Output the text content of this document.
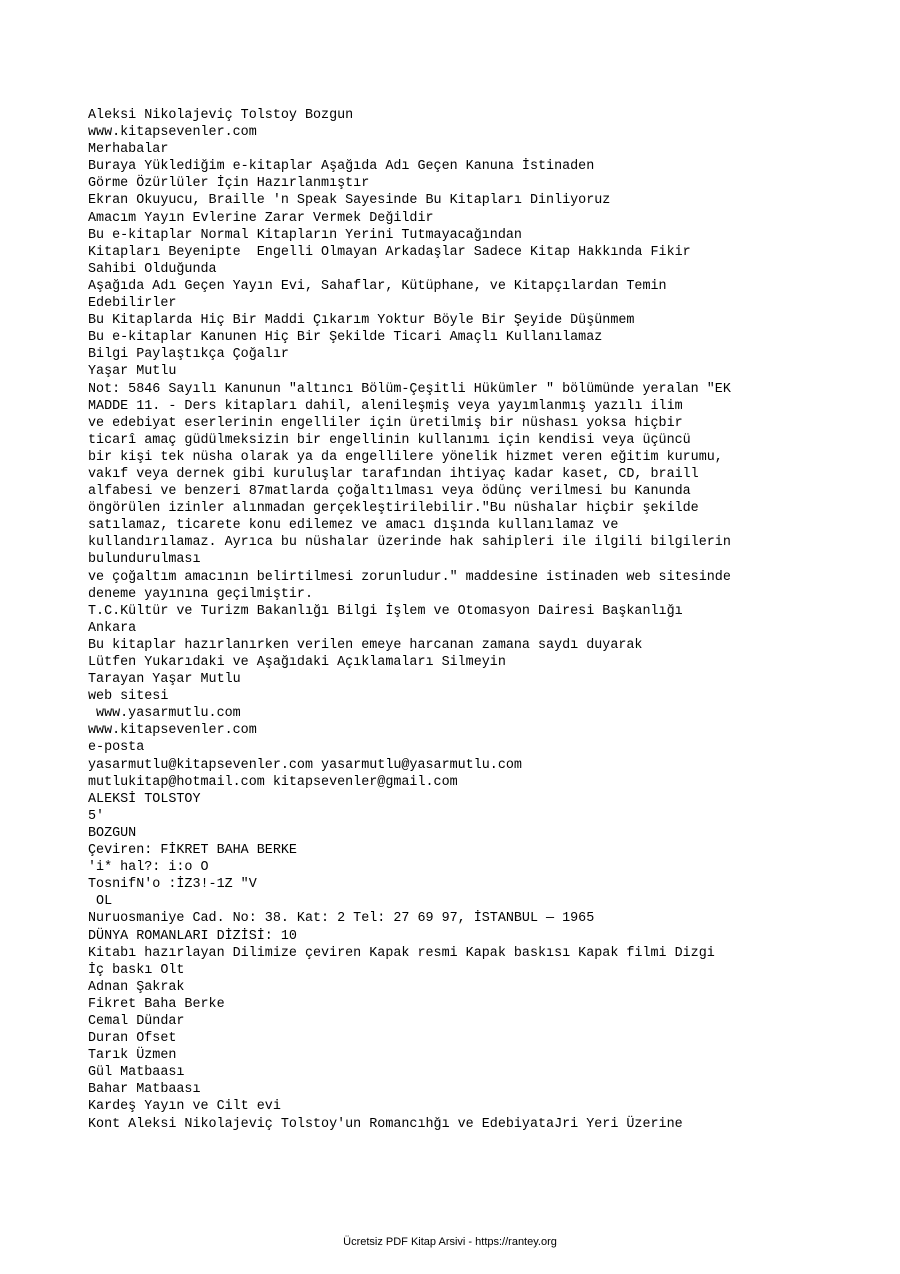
Aleksi Nikolajeviç Tolstoy Bozgun
www.kitapsevenler.com
Merhabalar
Buraya Yüklediğim e-kitaplar Aşağıda Adı Geçen Kanuna İstinaden
Görme Özürlüler İçin Hazırlanmıştır
Ekran Okuyucu, Braille 'n Speak Sayesinde Bu Kitapları Dinliyoruz
Amacım Yayın Evlerine Zarar Vermek Değildir
Bu e-kitaplar Normal Kitapların Yerini Tutmayacağından
Kitapları Beyenipte  Engelli Olmayan Arkadaşlar Sadece Kitap Hakkında Fikir
Sahibi Olduğunda
Aşağıda Adı Geçen Yayın Evi, Sahaflar, Kütüphane, ve Kitapçılardan Temin
Edebilirler
Bu Kitaplarda Hiç Bir Maddi Çıkarım Yoktur Böyle Bir Şeyide Düşünmem
Bu e-kitaplar Kanunen Hiç Bir Şekilde Ticari Amaçlı Kullanılamaz
Bilgi Paylaştıkça Çoğalır
Yaşar Mutlu
Not: 5846 Sayılı Kanunun "altıncı Bölüm-Çeşitli Hükümler " bölümünde yeralan "EK
MADDE 11. - Ders kitapları dahil, alenileşmiş veya yayımlanmış yazılı ilim
ve edebiyat eserlerinin engelliler için üretilmiş bir nüshası yoksa hiçbir
ticarî amaç güdülmeksizin bir engellinin kullanımı için kendisi veya üçüncü
bir kişi tek nüsha olarak ya da engellilere yönelik hizmet veren eğitim kurumu,
vakıf veya dernek gibi kuruluşlar tarafından ihtiyaç kadar kaset, CD, braill
alfabesi ve benzeri 87matlarda çoğaltılması veya ödünç verilmesi bu Kanunda
öngörülen izinler alınmadan gerçekleştirilebilir."Bu nüshalar hiçbir şekilde
satılamaz, ticarete konu edilemez ve amacı dışında kullanılamaz ve
kullandırılamaz. Ayrıca bu nüshalar üzerinde hak sahipleri ile ilgili bilgilerin
bulundurulması
ve çoğaltım amacının belirtilmesi zorunludur." maddesine istinaden web sitesinde
deneme yayınına geçilmiştir.
T.C.Kültür ve Turizm Bakanlığı Bilgi İşlem ve Otomasyon Dairesi Başkanlığı
Ankara
Bu kitaplar hazırlanırken verilen emeye harcanan zamana saydı duyarak
Lütfen Yukarıdaki ve Aşağıdaki Açıklamaları Silmeyin
Tarayan Yaşar Mutlu
web sitesi
www.yasarmutlu.com
www.kitapsevenler.com
e-posta
yasarmutlu@kitapsevenler.com yasarmutlu@yasarmutlu.com
mutlukitap@hotmail.com kitapsevenler@gmail.com
ALEKSİ TOLSTOY
5'
BOZGUN
Çeviren: FİKRET BAHA BERKE
'i* hal?: i:o O
TosnifN'o :İZ3!-1Z "V
OL
Nuruosmaniye Cad. No: 38. Kat: 2 Tel: 27 69 97, İSTANBUL — 1965
DÜNYA ROMANLARI DİZİSİ: 10
Kitabı hazırlayan Dilimize çeviren Kapak resmi Kapak baskısı Kapak filmi Dizgi
İç baskı Olt
Adnan Şakrak
Fikret Baha Berke
Cemal Dündar
Duran Ofset
Tarık Üzmen
Gül Matbaası
Bahar Matbaası
Kardeş Yayın ve Cilt evi
Kont Aleksi Nikolajeviç Tolstoy'un Romancıhğı ve EdebiyataJri Yeri Üzerine
Ücretsiz PDF Kitap Arsivi - https://rantey.org
